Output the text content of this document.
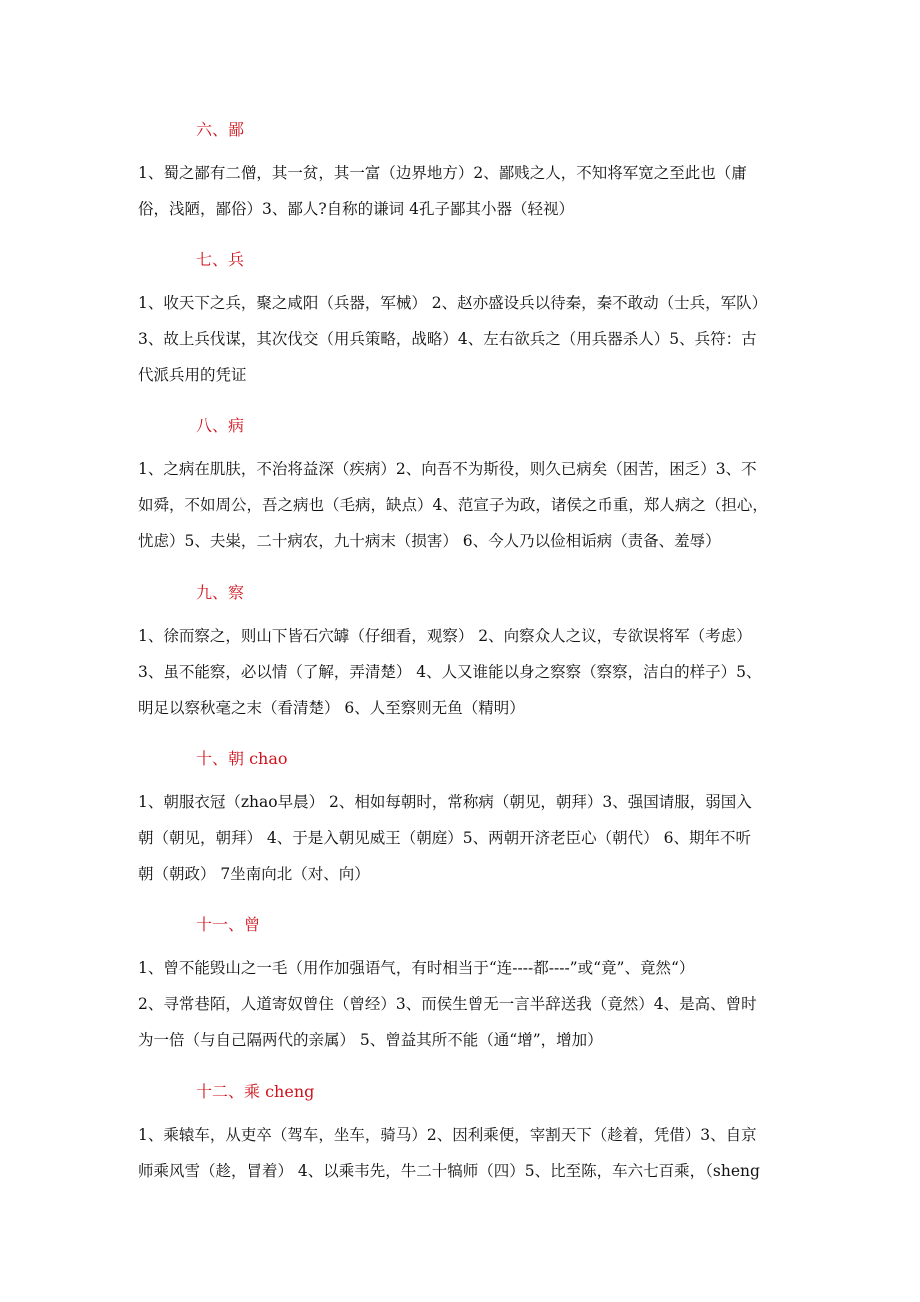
六、鄙
1、蜀之鄙有二僧，其一贫，其一富（边界地方）2、鄙贱之人，不知将军宽之至此也（庸
俗，浅陋，鄙俗）3、鄙人?自称的谦词 4孔子鄙其小器（轻视）
七、兵
1、收天下之兵，聚之咸阳（兵器，军械） 2、赵亦盛设兵以待秦，秦不敢动（士兵，军队）
3、故上兵伐谋，其次伐交（用兵策略，战略）4、左右欲兵之（用兵器杀人）5、兵符：古
代派兵用的凭证
八、病
1、之病在肌肤，不治将益深（疾病）2、向吾不为斯役，则久已病矣（困苦，困乏）3、不
如舜，不如周公，吾之病也（毛病，缺点）4、范宣子为政，诸侯之币重，郑人病之（担心，
忧虑）5、夫粜，二十病农，九十病末（损害） 6、今人乃以俭相诟病（责备、羞辱）
九、察
1、徐而察之，则山下皆石穴罅（仔细看，观察） 2、向察众人之议，专欲误将军（考虑）
3、虽不能察，必以情（了解，弄清楚） 4、人又谁能以身之察察（察察，洁白的样子）5、
明足以察秋毫之末（看清楚） 6、人至察则无鱼（精明）
十、朝 chao
1、朝服衣冠（zhao早晨） 2、相如每朝时，常称病（朝见，朝拜）3、强国请服，弱国入
朝（朝见，朝拜） 4、于是入朝见威王（朝庭）5、两朝开济老臣心（朝代） 6、期年不听
朝（朝政） 7坐南向北（对、向）
十一、曾
1、曾不能毁山之一毛（用作加强语气，有时相当于“连----都----”或“竟”、竟然“）
2、寻常巷陌，人道寄奴曾住（曾经）3、而侯生曾无一言半辞送我（竟然）4、是高、曾时
为一倍（与自己隔两代的亲属） 5、曾益其所不能（通“增”，增加）
十二、乘 cheng
1、乘辕车，从吏卒（驾车，坐车，骑马）2、因利乘便，宰割天下（趁着，凭借）3、自京
师乘风雪（趁，冒着） 4、以乘韦先，牛二十犒师（四）5、比至陈，车六七百乘，（sheng
